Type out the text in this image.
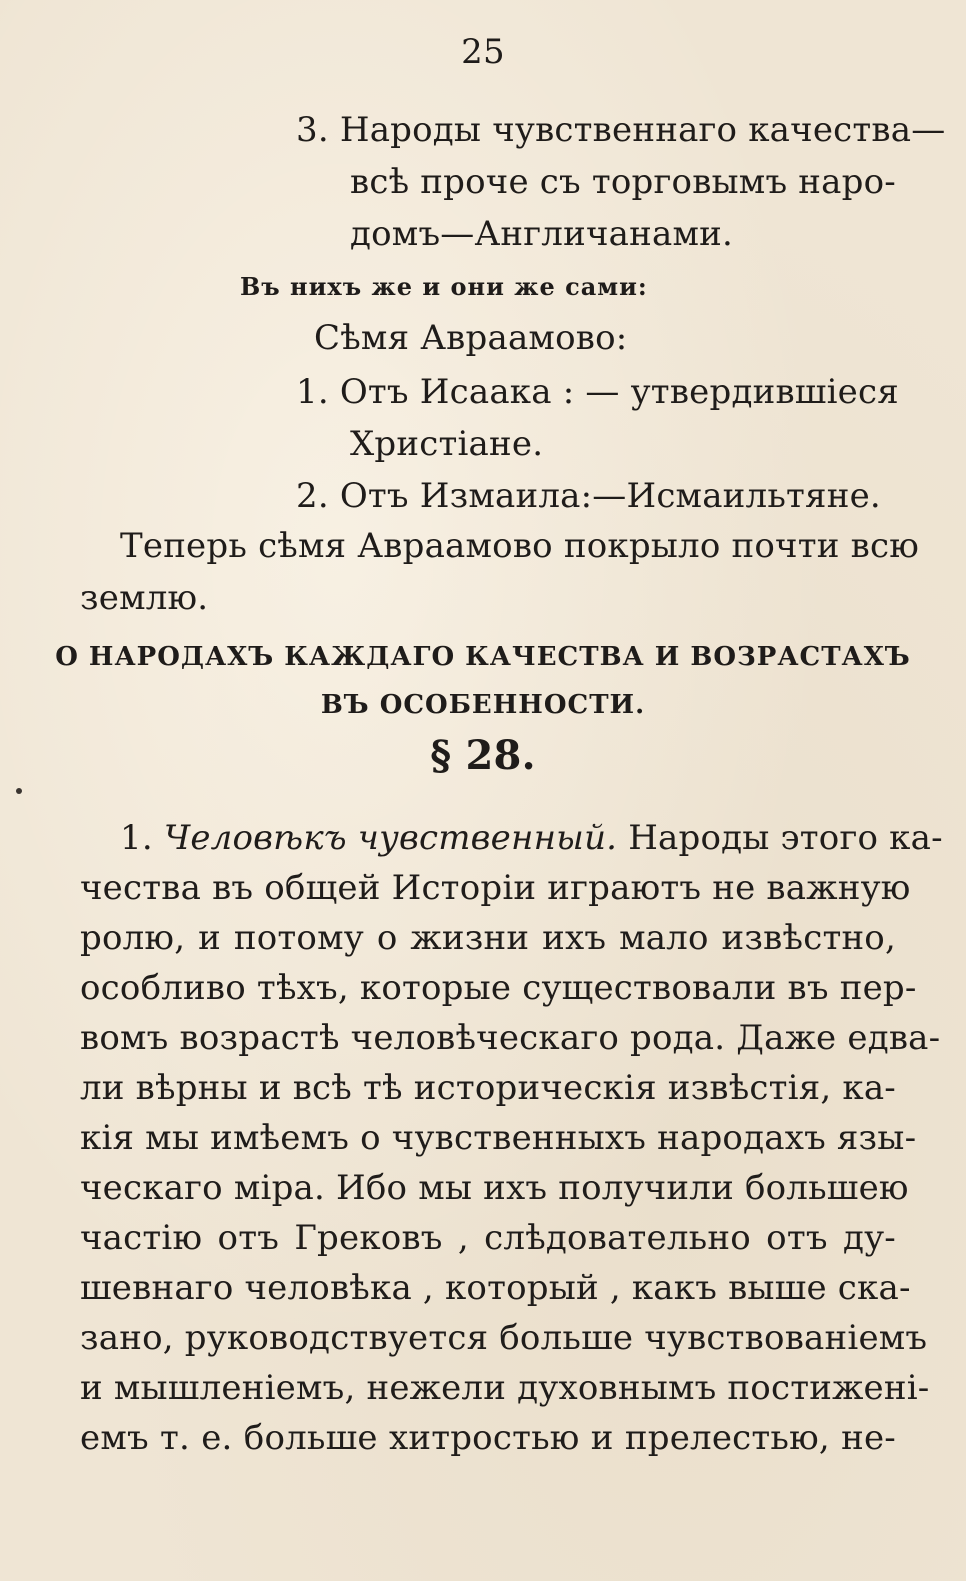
25
3. Народы чувственнаго качества—
всѣ проче съ торговымъ наро-
домъ—Англичанами.
Въ нихъ же и они же сами:
Сѣмя Авраамово:
1. Отъ Исаака : — утвердившіеся
Христіане.
2. Отъ Измаила:—Исмаильтяне.
Теперь сѣмя Авраамово покрыло почти всю
землю.
О НАРОДАХЪ КАЖДАГО КАЧЕСТВА И ВОЗРАСТАХЪ
ВЪ ОСОБЕННОСТИ.
§ 28.
1. Человѣкъ чувственный. Народы этого ка-
чества въ общей Исторіи играютъ не важную
ролю, и потому о жизни ихъ мало извѣстно,
особливо тѣхъ, которые существовали въ пер-
вомъ возрастѣ человѣческаго рода. Даже едва-
ли вѣрны и всѣ тѣ историческія извѣстія, ка-
кія мы имѣемъ о чувственныхъ народахъ язы-
ческаго міра. Ибо мы ихъ получили большею
частію отъ Грековъ , слѣдовательно отъ ду-
шевнаго человѣка , который , какъ выше ска-
зано, руководствуется больше чувствованіемъ
и мышленіемъ, нежели духовнымъ постиженi-
емъ т. е. больше хитростью и прелестью, не-
